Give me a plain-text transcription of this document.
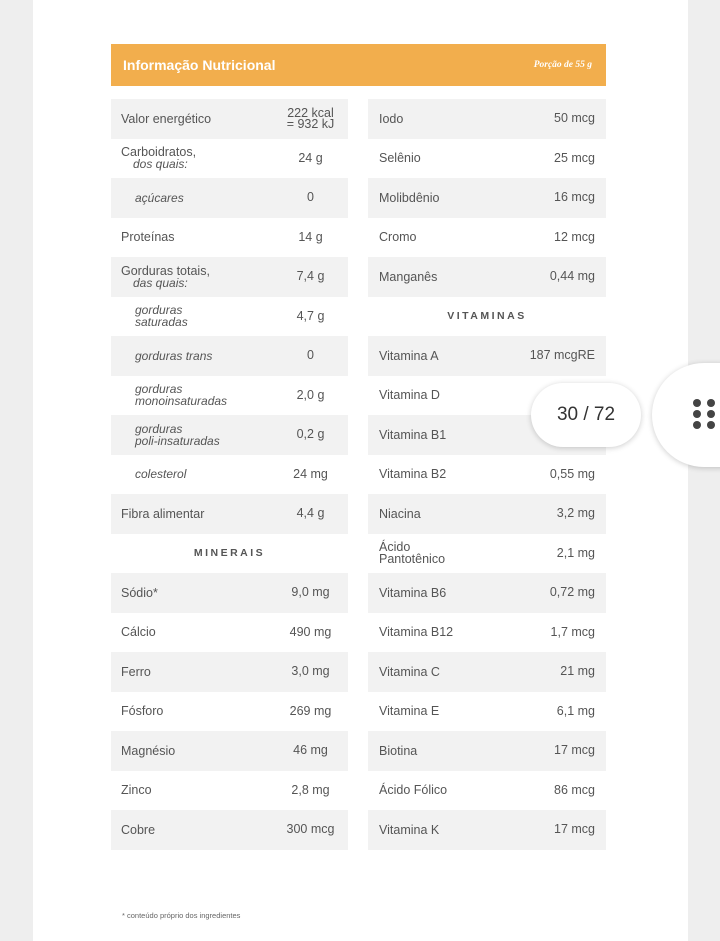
Informação Nutricional	Porção de 55 g
Valor energético	222 kcal
= 932 kJ
Carboidratos,
dos quais:	24 g
açúcares	0
Proteínas	14 g
Gorduras totais,
das quais:	7,4 g
gorduras
saturadas	4,7 g
gorduras trans	0
gorduras
monoinsaturadas	2,0 g
gorduras
poli-insaturadas	0,2 g
colesterol	24 mg
Fibra alimentar	4,4 g
MINERAIS
Sódio*	9,0 mg
Cálcio	490 mg
Ferro	3,0 mg
Fósforo	269 mg
Magnésio	46 mg
Zinco	2,8 mg
Cobre	300 mcg
Iodo	50 mcg
Selênio	25 mcg
Molibdênio	16 mcg
Cromo	12 mcg
Manganês	0,44 mg
VITAMINAS
Vitamina A	187 mcgRE
Vitamina D
Vitamina B1
Vitamina B2	0,55 mg
Niacina	3,2 mg
Ácido
Pantotênico	2,1 mg
Vitamina B6	0,72 mg
Vitamina B12	1,7 mcg
Vitamina C	21 mg
Vitamina E	6,1 mg
Biotina	17 mcg
Ácido Fólico	86 mcg
Vitamina K	17 mcg
* conteúdo próprio dos ingredientes
30 / 72
